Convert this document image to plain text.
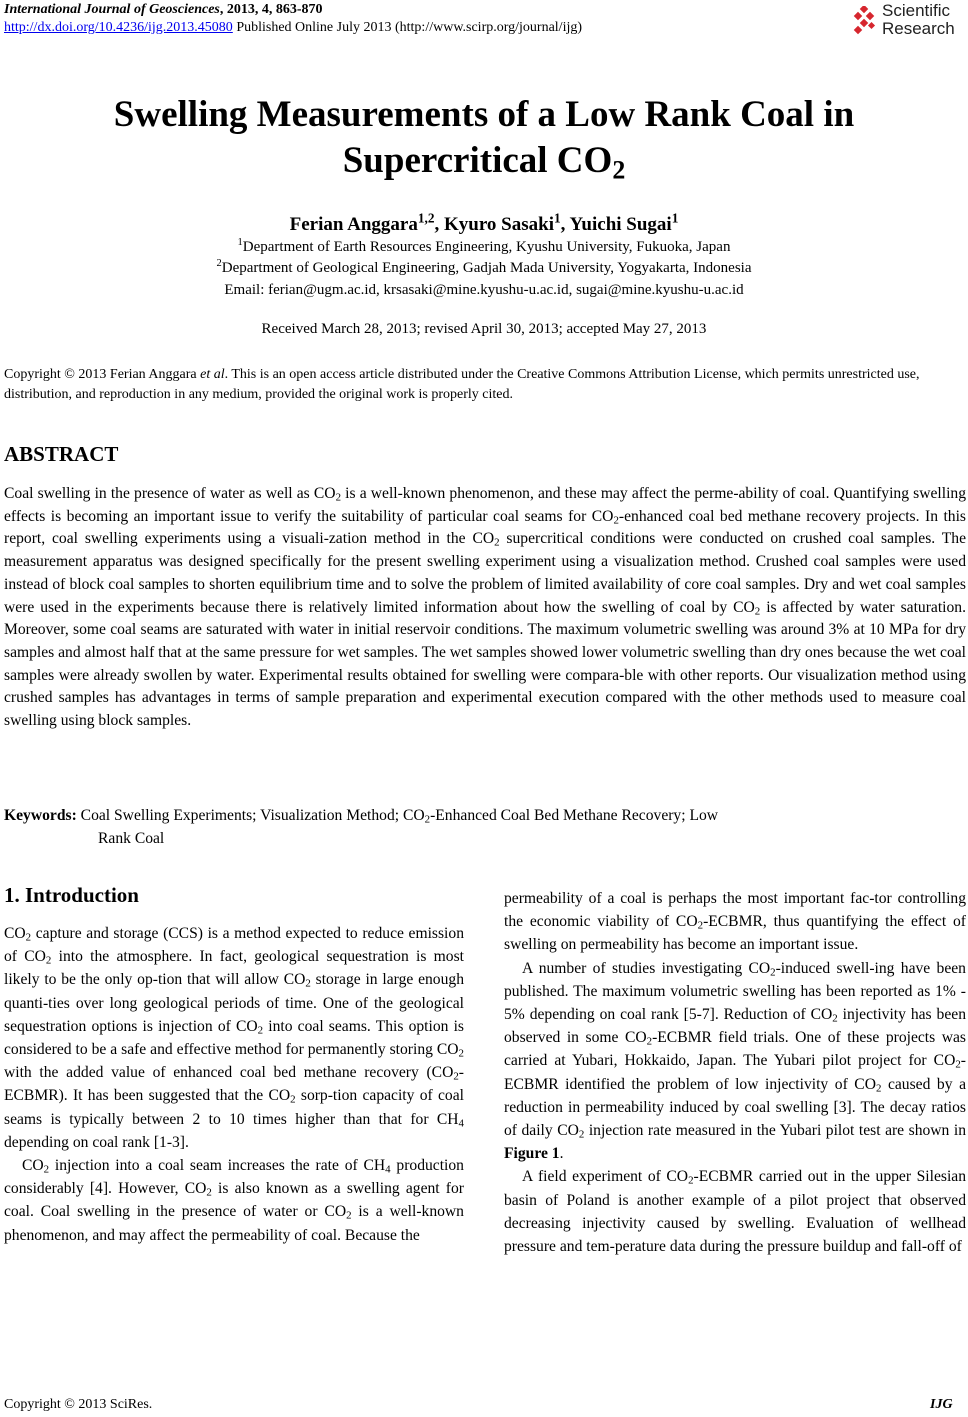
International Journal of Geosciences, 2013, 4, 863-870
http://dx.doi.org/10.4236/ijg.2013.45080 Published Online July 2013 (http://www.scirp.org/journal/ijg)
Scientific
Research
Swelling Measurements of a Low Rank Coal in
Supercritical $CO_2$
Ferian Anggara$^{1,2}$, Kyuro Sasaki$^1$, Yuichi Sugai$^1$
$^1$Department of Earth Resources Engineering, Kyushu University, Fukuoka, Japan
$^2$Department of Geological Engineering, Gadjah Mada University, Yogyakarta, Indonesia
Email: ferian@ugm.ac.id, krsasaki@mine.kyushu-u.ac.id, sugai@mine.kyushu-u.ac.id
Received March 28, 2013; revised April 30, 2013; accepted May 27, 2013
Copyright © 2013 Ferian Anggara et al. This is an open access article distributed under the Creative Commons Attribution License, which permits unrestricted use, distribution, and reproduction in any medium, provided the original work is properly cited.
ABSTRACT
Coal swelling in the presence of water as well as $CO_2$ is a well-known phenomenon, and these may affect the perme-ability of coal. Quantifying swelling effects is becoming an important issue to verify the suitability of particular coal seams for $CO_2$-enhanced coal bed methane recovery projects. In this report, coal swelling experiments using a visuali-zation method in the $CO_2$ supercritical conditions were conducted on crushed coal samples. The measurement apparatus was designed specifically for the present swelling experiment using a visualization method. Crushed coal samples were used instead of block coal samples to shorten equilibrium time and to solve the problem of limited availability of core coal samples. Dry and wet coal samples were used in the experiments because there is relatively limited information about how the swelling of coal by $CO_2$ is affected by water saturation. Moreover, some coal seams are saturated with water in initial reservoir conditions. The maximum volumetric swelling was around 3% at 10 MPa for dry samples and almost half that at the same pressure for wet samples. The wet samples showed lower volumetric swelling than dry ones because the wet coal samples were already swollen by water. Experimental results obtained for swelling were compara-ble with other reports. Our visualization method using crushed samples has advantages in terms of sample preparation and experimental execution compared with the other methods used to measure coal swelling using block samples.
Keywords: Coal Swelling Experiments; Visualization Method; $CO_2$-Enhanced Coal Bed Methane Recovery; Low
Rank Coal
1. Introduction

$CO_2$ capture and storage (CCS) is a method expected to reduce emission of $CO_2$ into the atmosphere. In fact, geological sequestration is most likely to be the only op-tion that will allow $CO_2$ storage in large enough quanti-ties over long geological periods of time. One of the geological sequestration options is injection of $CO_2$ into coal seams. This option is considered to be a safe and effective method for permanently storing $CO_2$ with the added value of enhanced coal bed methane recovery $(CO_2-ECBMR)$. It has been suggested that the $CO_2$ sorp-tion capacity of coal seams is typically between 2 to 10 times higher than that for $CH_4$ depending on coal rank [1-3].

$CO_2$ injection into a coal seam increases the rate of $CH_4$ production considerably [4]. However, $CO_2$ is also known as a swelling agent for coal. Coal swelling in the presence of water or $CO_2$ is a well-known phenomenon, and may affect the permeability of coal. Because the

permeability of a coal is perhaps the most important fac-tor controlling the economic viability of $CO_2$-ECBMR, thus quantifying the effect of swelling on permeability has become an important issue.

A number of studies investigating $CO_2$-induced swell-ing have been published. The maximum volumetric swelling has been reported as 1% - 5% depending on coal rank [5-7]. Reduction of $CO_2$ injectivity has been observed in some $CO_2$-ECBMR field trials. One of these projects was carried at Yubari, Hokkaido, Japan. The Yubari pilot project for $CO_2$-ECBMR identified the problem of low injectivity of $CO_2$ caused by a reduction in permeability induced by coal swelling [3]. The decay ratios of daily $CO_2$ injection rate measured in the Yubari pilot test are shown in Figure 1.

A field experiment of $CO_2$-ECBMR carried out in the upper Silesian basin of Poland is another example of a pilot project that observed decreasing injectivity caused by swelling. Evaluation of wellhead pressure and tem-perature data during the pressure buildup and fall-off of

Copyright © 2013 SciRes.	IJG
